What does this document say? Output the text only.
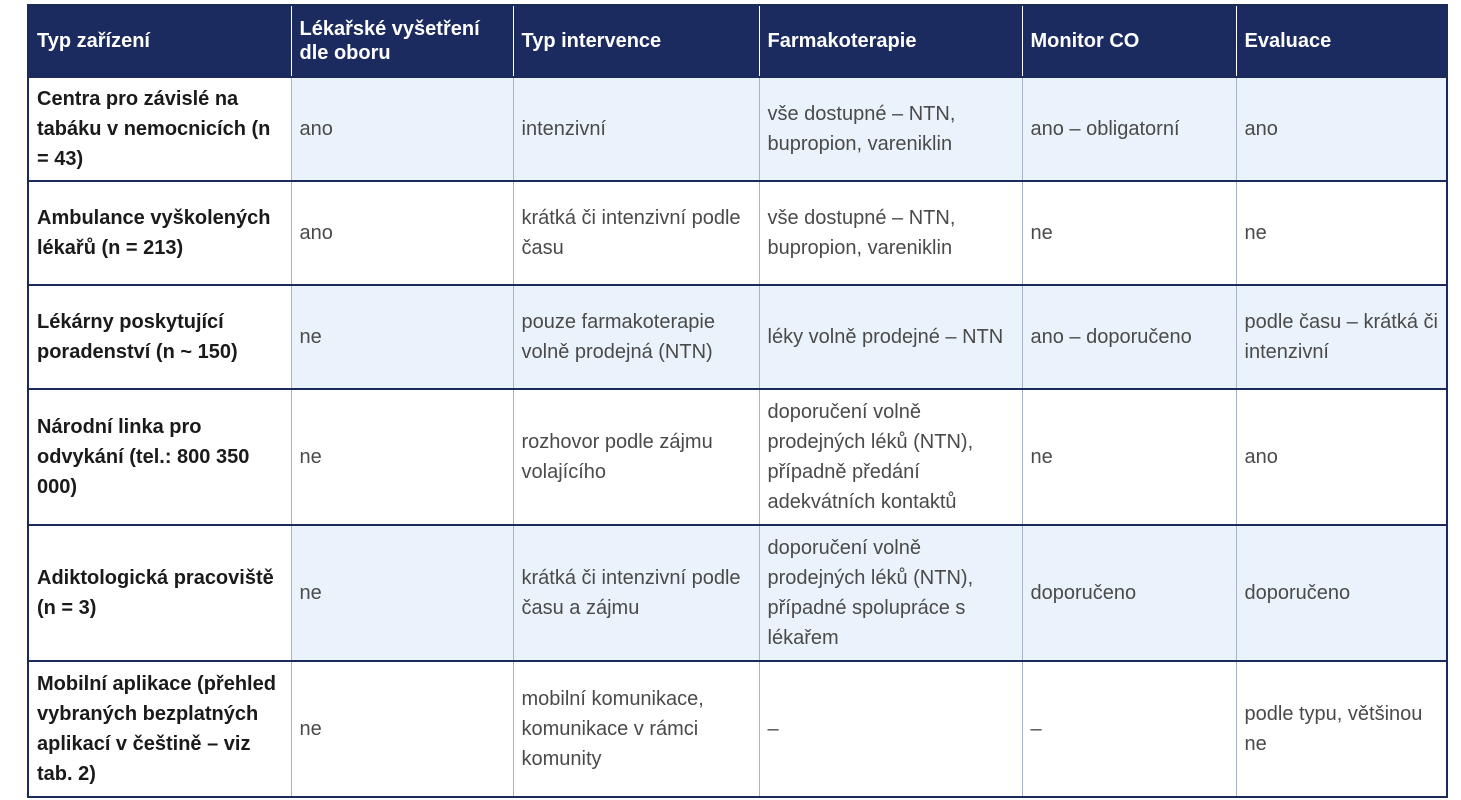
Typ zařízení	Lékařské vyšetření dle oboru	Typ intervence	Farmakoterapie	Monitor CO	Evaluace
Centra pro závislé na tabáku v nemocnicích (n = 43)	ano	intenzivní	vše dostupné – NTN, bupropion, vareniklin	ano – obligatorní	ano
Ambulance vyškolených lékařů (n = 213)	ano	krátká či intenzivní podle času	vše dostupné – NTN, bupropion, vareniklin	ne	ne
Lékárny poskytující poradenství (n ~ 150)	ne	pouze farmakoterapie volně prodejná (NTN)	léky volně prodejné – NTN	ano – doporučeno	podle času – krátká či intenzivní
Národní linka pro odvykání (tel.: 800 350 000)	ne	rozhovor podle zájmu volajícího	doporučení volně prodejných léků (NTN), případně předání adekvátních kontaktů	ne	ano
Adiktologická pracoviště (n = 3)	ne	krátká či intenzivní podle času a zájmu	doporučení volně prodejných léků (NTN), případné spolupráce s lékařem	doporučeno	doporučeno
Mobilní aplikace (přehled vybraných bezplatných aplikací v češtině – viz tab. 2)	ne	mobilní komunikace, komunikace v rámci komunity	–	–	podle typu, většinou ne
